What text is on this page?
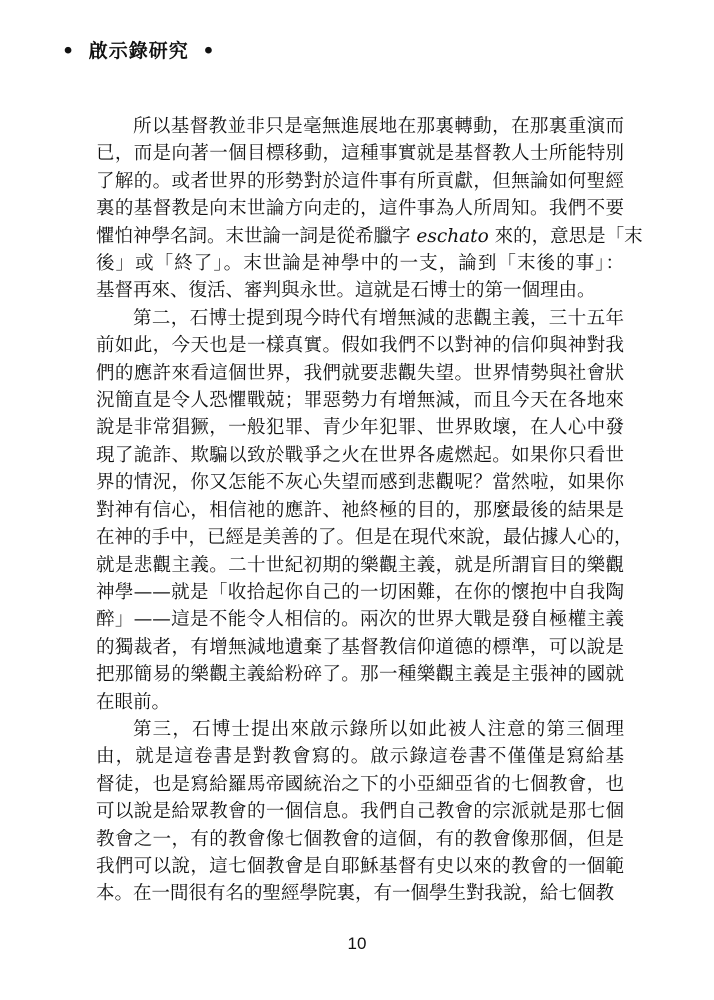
• 啟示錄研究 •

所以基督教並非只是毫無進展地在那裏轉動，在那裏重演而
已，而是向著一個目標移動，這種事實就是基督教人士所能特別
了解的。或者世界的形勢對於這件事有所貢獻，但無論如何聖經
裏的基督教是向末世論方向走的，這件事為人所周知。我們不要
懼怕神學名詞。末世論一詞是從希臘字 eschato 來的，意思是「末
後」或「終了」。末世論是神學中的一支，論到「末後的事」：
基督再來、復活、審判與永世。這就是石博士的第一個理由。

第二，石博士提到現今時代有增無減的悲觀主義，三十五年
前如此，今天也是一樣真實。假如我們不以對神的信仰與神對我
們的應許來看這個世界，我們就要悲觀失望。世界情勢與社會狀
況簡直是令人恐懼戰兢；罪惡勢力有增無減，而且今天在各地來
說是非常猖獗，一般犯罪、青少年犯罪、世界敗壞，在人心中發
現了詭詐、欺騙以致於戰爭之火在世界各處燃起。如果你只看世
界的情況，你又怎能不灰心失望而感到悲觀呢？當然啦，如果你
對神有信心，相信祂的應許、祂終極的目的，那麼最後的結果是
在神的手中，已經是美善的了。但是在現代來說，最佔據人心的，
就是悲觀主義。二十世紀初期的樂觀主義，就是所謂盲目的樂觀
神學——就是「收拾起你自己的一切困難，在你的懷抱中自我陶
醉」——這是不能令人相信的。兩次的世界大戰是發自極權主義
的獨裁者，有增無減地遺棄了基督教信仰道德的標準，可以說是
把那簡易的樂觀主義給粉碎了。那一種樂觀主義是主張神的國就
在眼前。

第三，石博士提出來啟示錄所以如此被人注意的第三個理
由，就是這卷書是對教會寫的。啟示錄這卷書不僅僅是寫給基
督徒，也是寫給羅馬帝國統治之下的小亞細亞省的七個教會，也
可以說是給眾教會的一個信息。我們自己教會的宗派就是那七個
教會之一，有的教會像七個教會的這個，有的教會像那個，但是
我們可以說，這七個教會是自耶穌基督有史以來的教會的一個範
本。在一間很有名的聖經學院裏，有一個學生對我說，給七個教

10
